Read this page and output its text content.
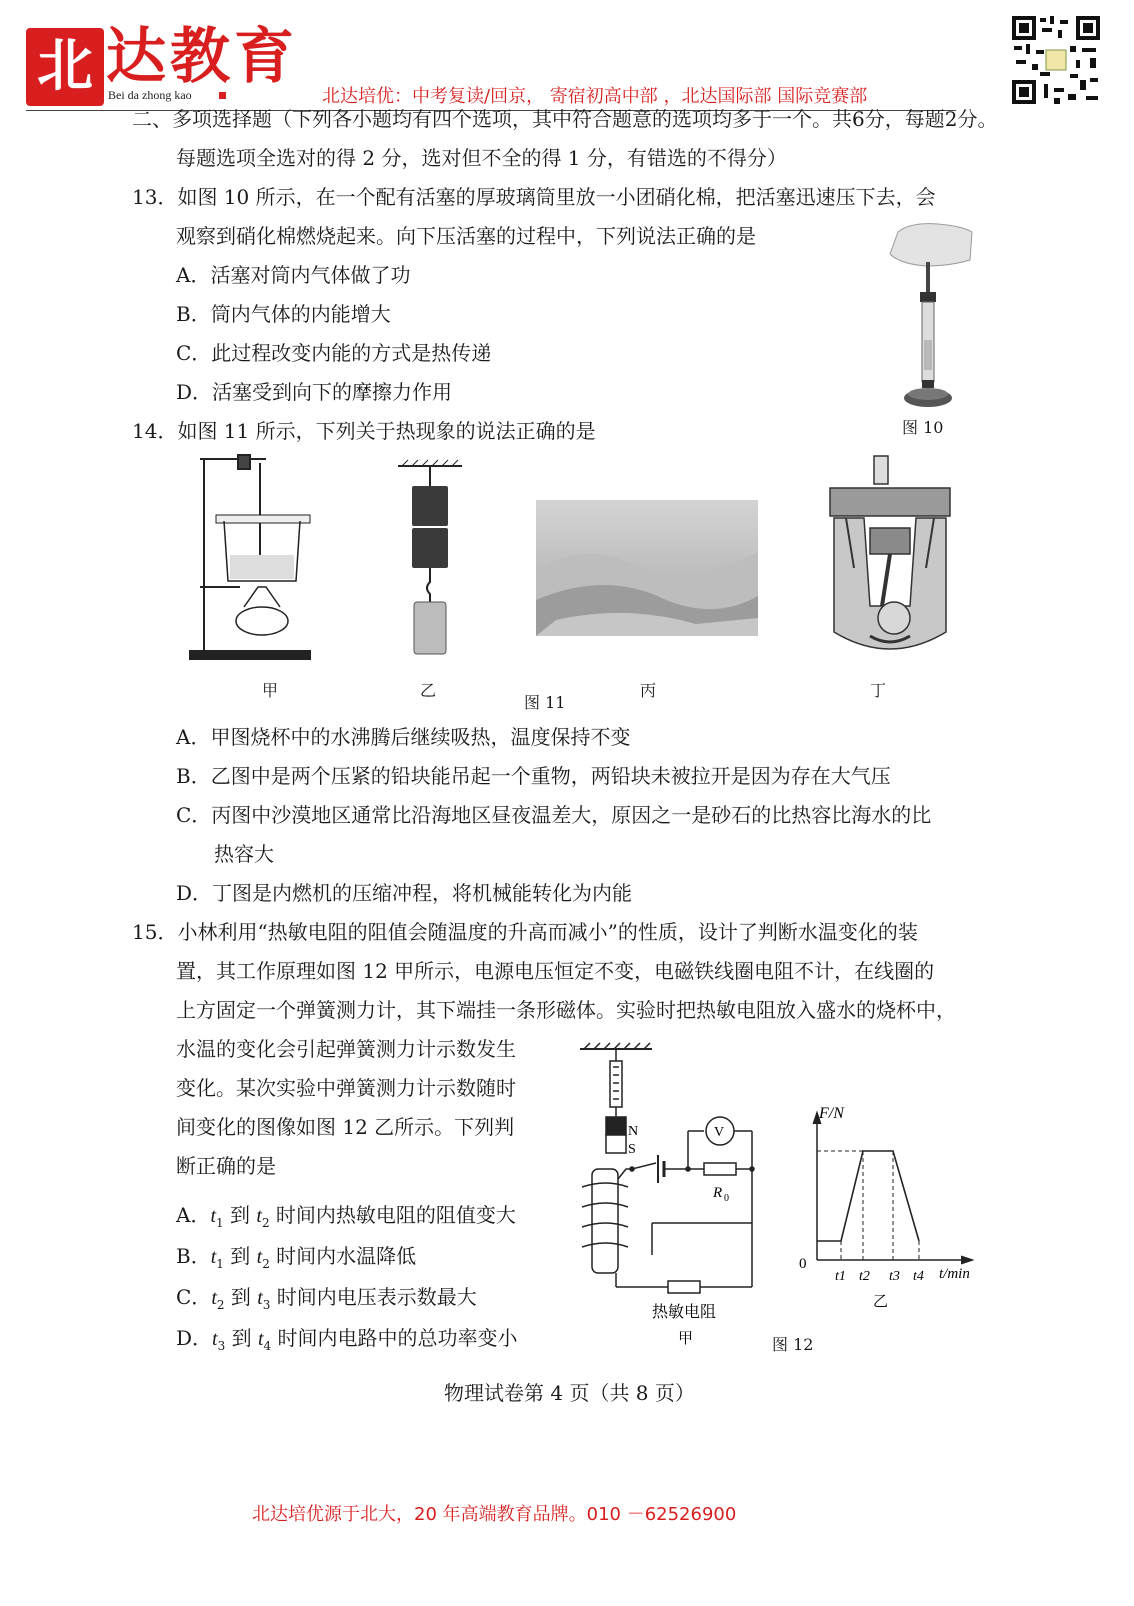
北 达教育
Bei da zhong kao	北达培优：中考复读/回京， 寄宿初高中部 ，北达国际部 国际竞赛部
二、多项选择题（下列各小题均有四个选项，其中符合题意的选项均多于一个。共6分，每题2分。
每题选项全选对的得 2 分，选对但不全的得 1 分，有错选的不得分）
13．如图 10 所示，在一个配有活塞的厚玻璃筒里放一小团硝化棉，把活塞迅速压下去，会
观察到硝化棉燃烧起来。向下压活塞的过程中，下列说法正确的是
A．活塞对筒内气体做了功
B．筒内气体的内能增大
C．此过程改变内能的方式是热传递
D．活塞受到向下的摩擦力作用
图 10
14．如图 11 所示，下列关于热现象的说法正确的是
甲	乙	丙	丁
图 11
A．甲图烧杯中的水沸腾后继续吸热，温度保持不变
B．乙图中是两个压紧的铅块能吊起一个重物，两铅块未被拉开是因为存在大气压
C．丙图中沙漠地区通常比沿海地区昼夜温差大，原因之一是砂石的比热容比海水的比
热容大
D．丁图是内燃机的压缩冲程，将机械能转化为内能
15．小林利用“热敏电阻的阻值会随温度的升高而减小”的性质，设计了判断水温变化的装
置，其工作原理如图 12 甲所示，电源电压恒定不变，电磁铁线圈电阻不计，在线圈的
上方固定一个弹簧测力计，其下端挂一条形磁体。实验时把热敏电阻放入盛水的烧杯中，
水温的变化会引起弹簧测力计示数发生
变化。某次实验中弹簧测力计示数随时
间变化的图像如图 12 乙所示。下列判
断正确的是
A．$t_1$ 到 $t_2$ 时间内热敏电阻的阻值变大
B．$t_1$ 到 $t_2$ 时间内水温降低
C．$t_2$ 到 $t_3$ 时间内电压表示数最大
D．$t_3$ 到 $t_4$ 时间内电路中的总功率变小
N
S
V
R 0
热敏电阻
甲
F/N
0
t1 t2 t3 t4 t/min
乙
图 12
物理试卷第 4 页（共 8 页）
北达培优源于北大，20 年高端教育品牌。010 －62526900
